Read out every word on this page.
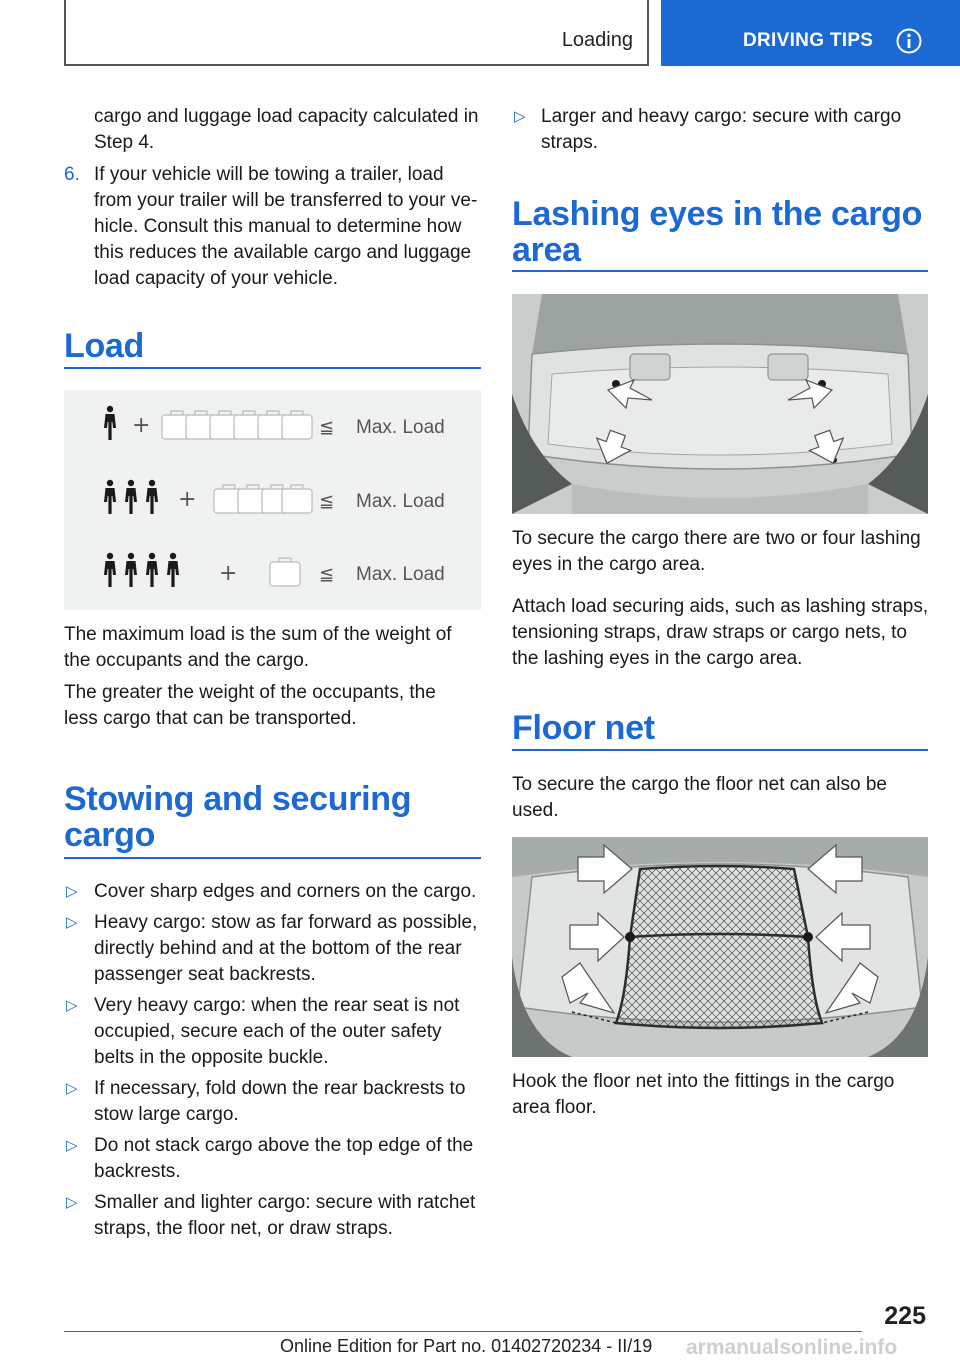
Loading	DRIVING TIPS
cargo and luggage load capacity calculated in
Step 4.
6. If your vehicle will be towing a trailer, load
from your trailer will be transferred to your ve-
hicle. Consult this manual to determine how
this reduces the available cargo and luggage
load capacity of your vehicle.
Load
+	≦ Max. Load
+	≦ Max. Load
+	≦ Max. Load
The maximum load is the sum of the weight of
the occupants and the cargo.
The greater the weight of the occupants, the
less cargo that can be transported.
Stowing and securing
cargo
▷ Cover sharp edges and corners on the cargo.
▷ Heavy cargo: stow as far forward as possible,
directly behind and at the bottom of the rear
passenger seat backrests.
▷ Very heavy cargo: when the rear seat is not
occupied, secure each of the outer safety
belts in the opposite buckle.
▷ If necessary, fold down the rear backrests to
stow large cargo.
▷ Do not stack cargo above the top edge of the
backrests.
▷ Smaller and lighter cargo: secure with ratchet
straps, the floor net, or draw straps.
▷ Larger and heavy cargo: secure with cargo
straps.
Lashing eyes in the cargo
area
To secure the cargo there are two or four lashing
eyes in the cargo area.
Attach load securing aids, such as lashing straps,
tensioning straps, draw straps or cargo nets, to
the lashing eyes in the cargo area.
Floor net
To secure the cargo the floor net can also be
used.
Hook the floor net into the fittings in the cargo
area floor.
225
Online Edition for Part no. 01402720234 - II/19 armanualsonline.info
